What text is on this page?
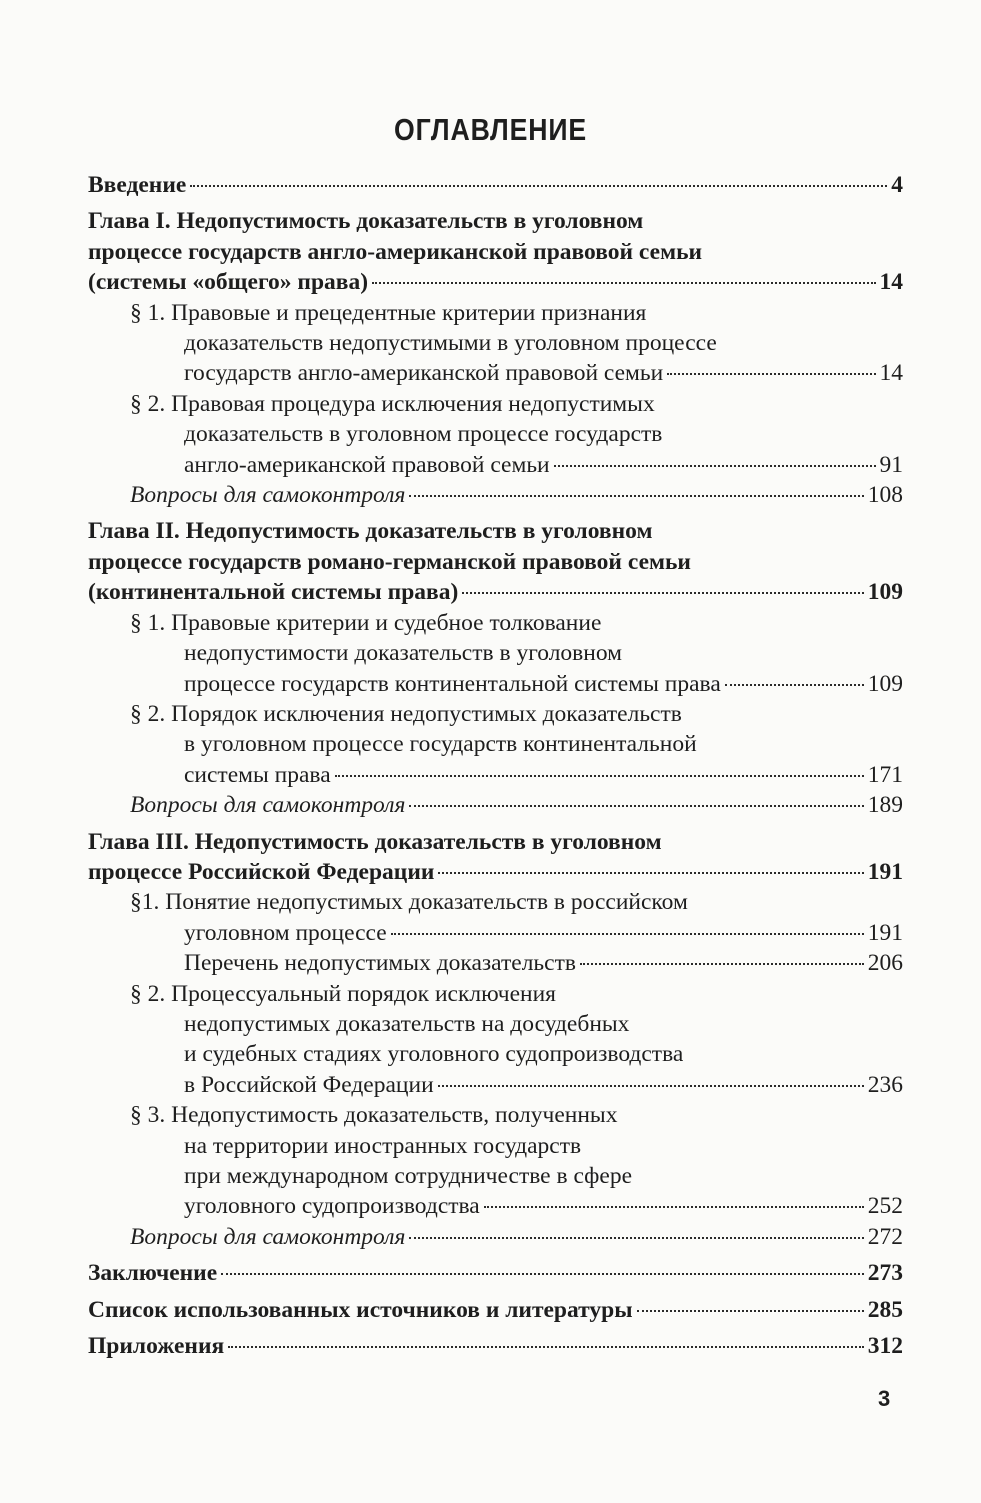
ОГЛАВЛЕНИЕ
Введение	4
Глава I. Недопустимость доказательств в уголовном
процессе государств англо-американской правовой семьи
(системы «общего» права)	14
§ 1. Правовые и прецедентные критерии признания
доказательств недопустимыми в уголовном процессе
государств англо-американской правовой семьи	14
§ 2. Правовая процедура исключения недопустимых
доказательств в уголовном процессе государств
англо-американской правовой семьи	91
Вопросы для самоконтроля	108
Глава II. Недопустимость доказательств в уголовном
процессе государств романо-германской правовой семьи
(континентальной системы права)	109
§ 1. Правовые критерии и судебное толкование
недопустимости доказательств в уголовном
процессе государств континентальной системы права	109
§ 2. Порядок исключения недопустимых доказательств
в уголовном процессе государств континентальной
системы права	171
Вопросы для самоконтроля	189
Глава III. Недопустимость доказательств в уголовном
процессе Российской Федерации	191
§1. Понятие недопустимых доказательств в российском
уголовном процессе	191
Перечень недопустимых доказательств	206
§ 2. Процессуальный порядок исключения
недопустимых доказательств на досудебных
и судебных стадиях уголовного судопроизводства
в Российской Федерации	236
§ 3. Недопустимость доказательств, полученных
на территории иностранных государств
при международном сотрудничестве в сфере
уголовного судопроизводства	252
Вопросы для самоконтроля	272
Заключение	273
Список использованных источников и литературы	285
Приложения	312
3
